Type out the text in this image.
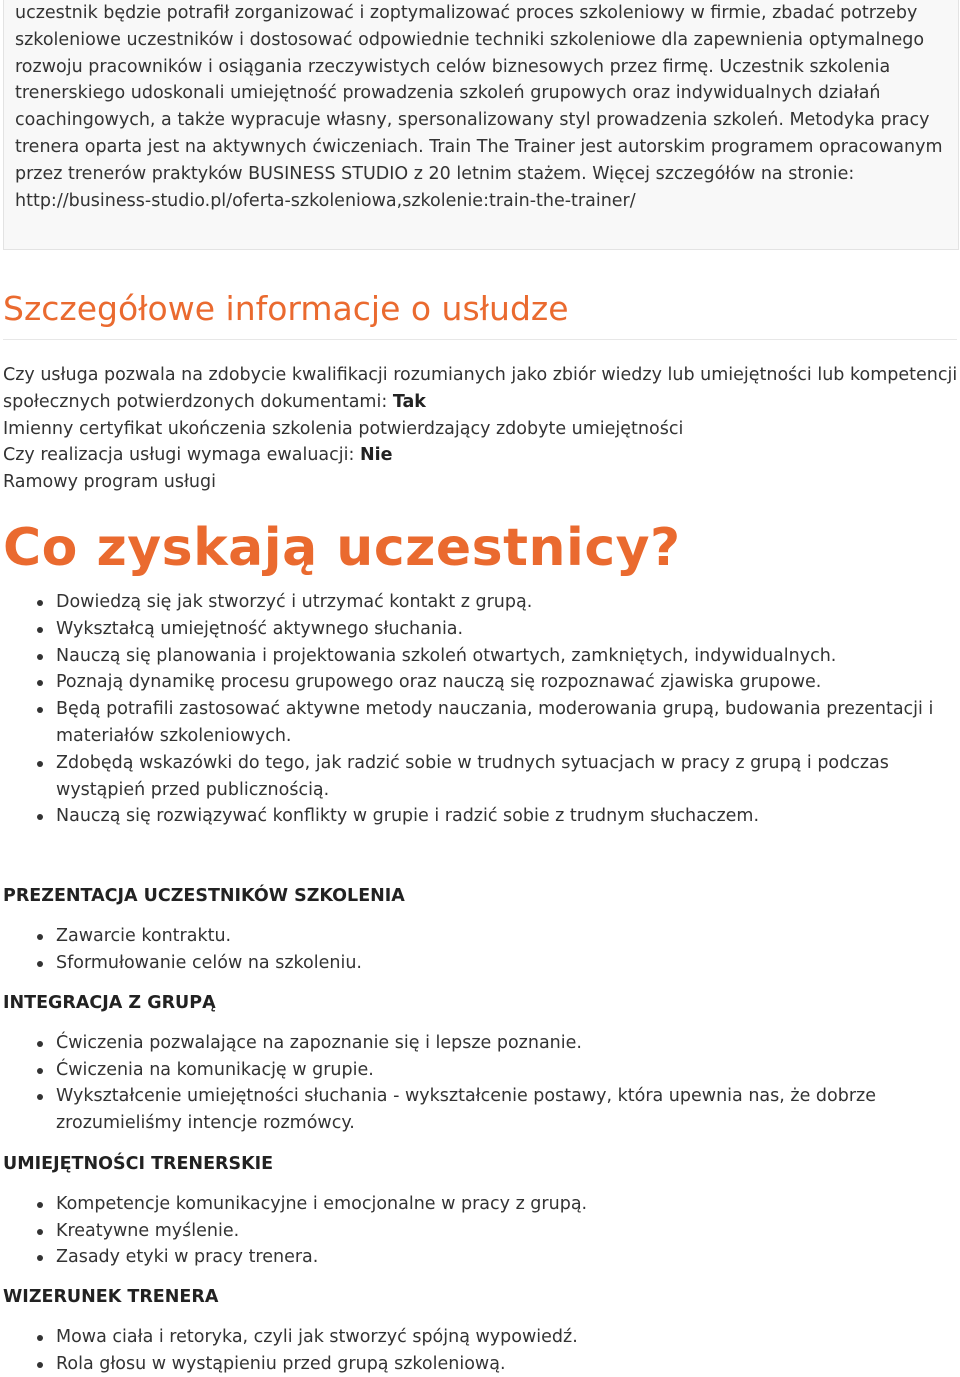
uczestnik będzie potrafił zorganizować i zoptymalizować proces szkoleniowy w firmie, zbadać potrzeby szkoleniowe uczestników i dostosować odpowiednie techniki szkoleniowe dla zapewnienia optymalnego rozwoju pracowników i osiągania rzeczywistych celów biznesowych przez firmę. Uczestnik szkolenia trenerskiego udoskonali umiejętność prowadzenia szkoleń grupowych oraz indywidualnych działań coachingowych, a także wypracuje własny, spersonalizowany styl prowadzenia szkoleń. Metodyka pracy trenera oparta jest na aktywnych ćwiczeniach. Train The Trainer jest autorskim programem opracowanym przez trenerów praktyków BUSINESS STUDIO z 20 letnim stażem. Więcej szczegółów na stronie: http://business-studio.pl/oferta-szkoleniowa,szkolenie:train-the-trainer/

Szczegółowe informacje o usłudze

Czy usługa pozwala na zdobycie kwalifikacji rozumianych jako zbiór wiedzy lub umiejętności lub kompetencji społecznych potwierdzonych dokumentami: Tak

Imienny certyfikat ukończenia szkolenia potwierdzający zdobyte umiejętności

Czy realizacja usługi wymaga ewaluacji: Nie

Ramowy program usługi

Co zyskają uczestnicy?
Dowiedzą się jak stworzyć i utrzymać kontakt z grupą.
Wykształcą umiejętność aktywnego słuchania.
Nauczą się planowania i projektowania szkoleń otwartych, zamkniętych, indywidualnych.
Poznają dynamikę procesu grupowego oraz nauczą się rozpoznawać zjawiska grupowe.
Będą potrafili zastosować aktywne metody nauczania, moderowania grupą, budowania prezentacji i materiałów szkoleniowych.
Zdobędą wskazówki do tego, jak radzić sobie w trudnych sytuacjach w pracy z grupą i podczas wystąpień przed publicznością.
Nauczą się rozwiązywać konflikty w grupie i radzić sobie z trudnym słuchaczem.
PREZENTACJA UCZESTNIKÓW SZKOLENIA
Zawarcie kontraktu.
Sformułowanie celów na szkoleniu.
INTEGRACJA Z GRUPĄ
Ćwiczenia pozwalające na zapoznanie się i lepsze poznanie.
Ćwiczenia na komunikację w grupie.
Wykształcenie umiejętności słuchania - wykształcenie postawy, która upewnia nas, że dobrze zrozumieliśmy intencje rozmówcy.
UMIEJĘTNOŚCI TRENERSKIE
Kompetencje komunikacyjne i emocjonalne w pracy z grupą.
Kreatywne myślenie.
Zasady etyki w pracy trenera.
WIZERUNEK TRENERA
Mowa ciała i retoryka, czyli jak stworzyć spójną wypowiedź.
Rola głosu w wystąpieniu przed grupą szkoleniową.
